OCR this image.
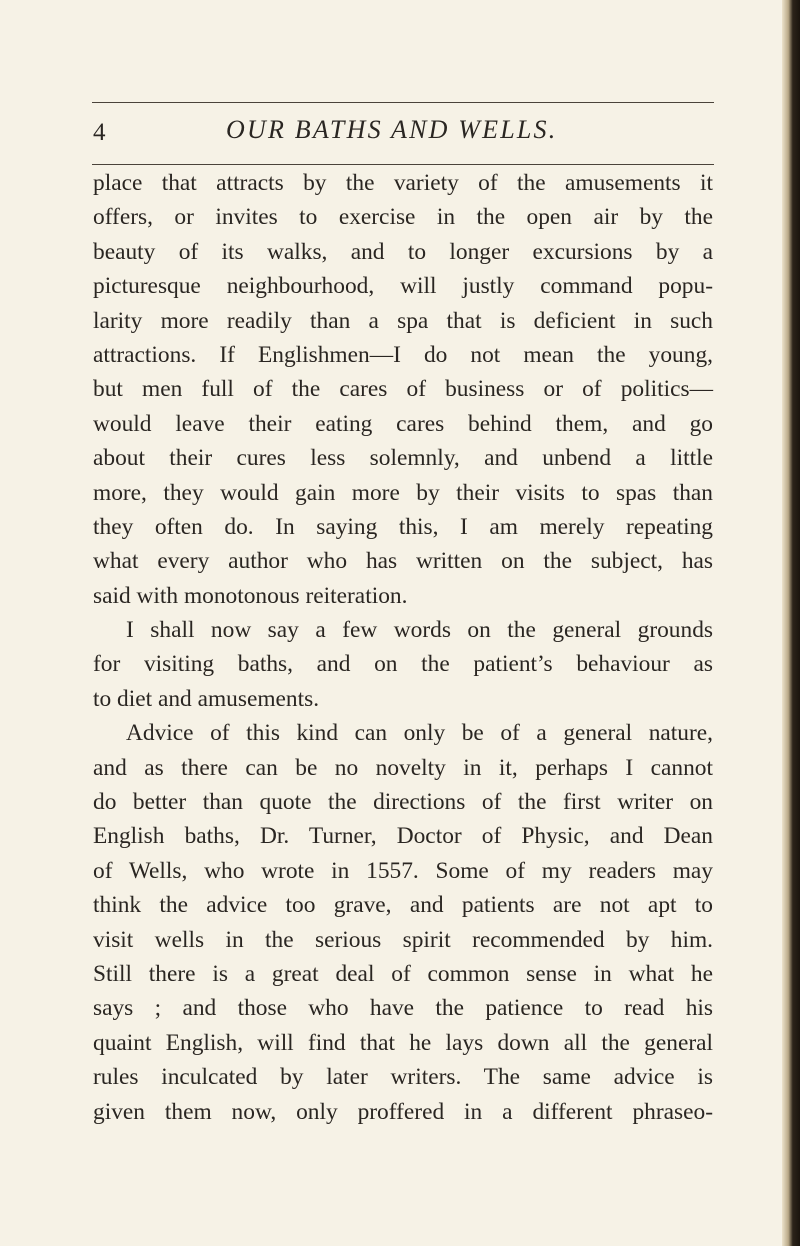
4	OUR BATHS AND WELLS.
place that attracts by the variety of the amusements it
offers, or invites to exercise in the open air by the
beauty of its walks, and to longer excursions by a
picturesque neighbourhood, will justly command popu-
larity more readily than a spa that is deficient in such
attractions. If Englishmen—I do not mean the young,
but men full of the cares of business or of politics—
would leave their eating cares behind them, and go
about their cures less solemnly, and unbend a little
more, they would gain more by their visits to spas than
they often do. In saying this, I am merely repeating
what every author who has written on the subject, has
said with monotonous reiteration.
I shall now say a few words on the general grounds
for visiting baths, and on the patient’s behaviour as
to diet and amusements.
Advice of this kind can only be of a general nature,
and as there can be no novelty in it, perhaps I cannot
do better than quote the directions of the first writer on
English baths, Dr. Turner, Doctor of Physic, and Dean
of Wells, who wrote in 1557. Some of my readers may
think the advice too grave, and patients are not apt to
visit wells in the serious spirit recommended by him.
Still there is a great deal of common sense in what he
says ; and those who have the patience to read his
quaint English, will find that he lays down all the general
rules inculcated by later writers. The same advice is
given them now, only proffered in a different phraseo-
